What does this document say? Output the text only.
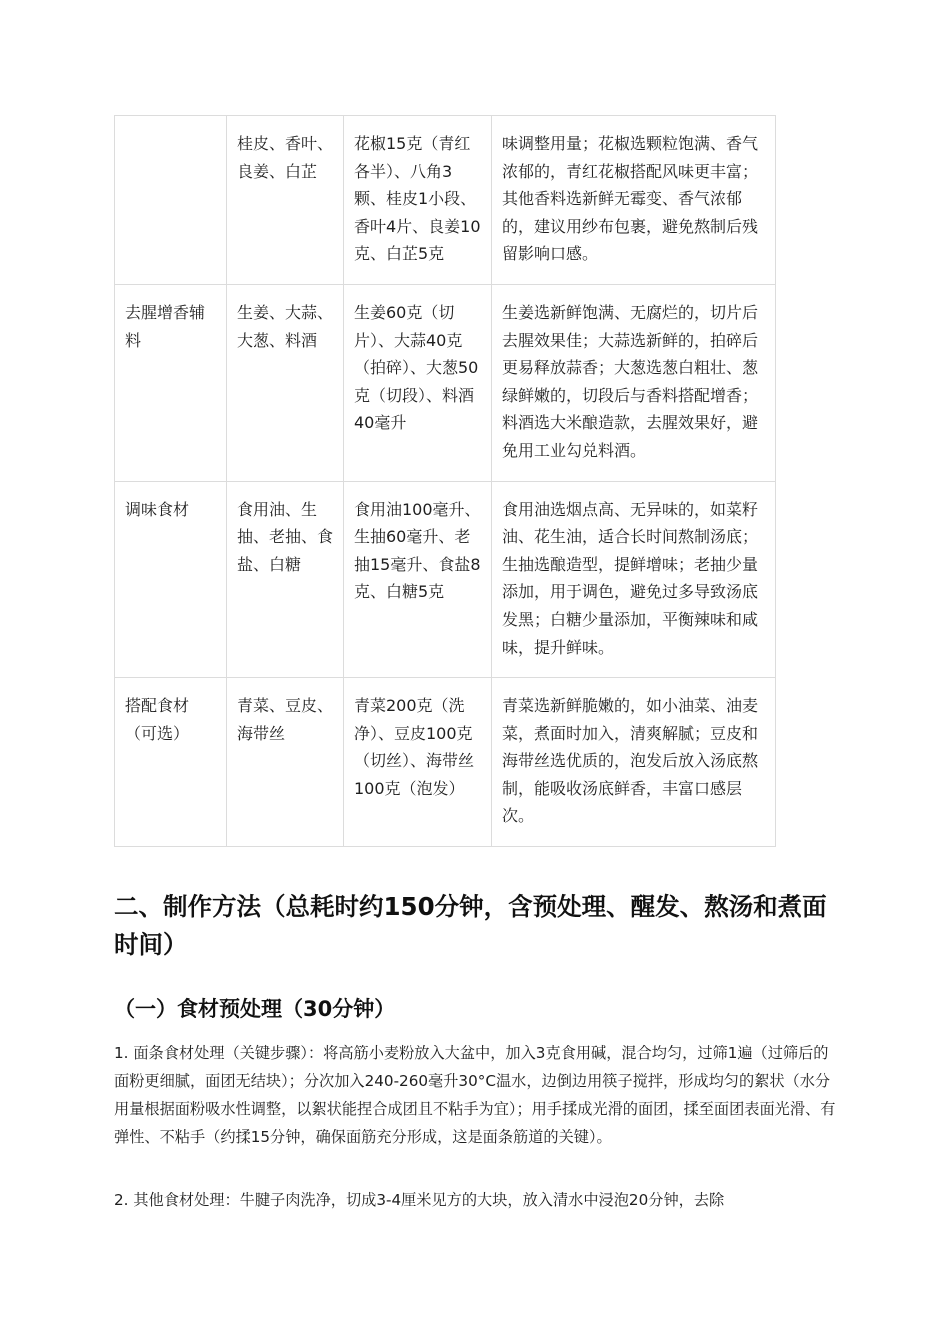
	桂皮、香叶、良姜、白芷	花椒15克（青红各半）、八角3颗、桂皮1小段、香叶4片、良姜10克、白芷5克	味调整用量；花椒选颗粒饱满、香气浓郁的，青红花椒搭配风味更丰富；其他香料选新鲜无霉变、香气浓郁的，建议用纱布包裹，避免熬制后残留影响口感。
去腥增香辅料	生姜、大蒜、大葱、料酒	生姜60克（切片）、大蒜40克（拍碎）、大葱50克（切段）、料酒40毫升	生姜选新鲜饱满、无腐烂的，切片后去腥效果佳；大蒜选新鲜的，拍碎后更易释放蒜香；大葱选葱白粗壮、葱绿鲜嫩的，切段后与香料搭配增香；料酒选大米酿造款，去腥效果好，避免用工业勾兑料酒。
调味食材	食用油、生抽、老抽、食盐、白糖	食用油100毫升、生抽60毫升、老抽15毫升、食盐8克、白糖5克	食用油选烟点高、无异味的，如菜籽油、花生油，适合长时间熬制汤底；生抽选酿造型，提鲜增味；老抽少量添加，用于调色，避免过多导致汤底发黑；白糖少量添加，平衡辣味和咸味，提升鲜味。
搭配食材（可选）	青菜、豆皮、海带丝	青菜200克（洗净）、豆皮100克（切丝）、海带丝100克（泡发）	青菜选新鲜脆嫩的，如小油菜、油麦菜，煮面时加入，清爽解腻；豆皮和海带丝选优质的，泡发后放入汤底熬制，能吸收汤底鲜香，丰富口感层次。
二、制作方法（总耗时约150分钟，含预处理、醒发、熬汤和煮面时间）
（一）食材预处理（30分钟）

1. 面条食材处理（关键步骤）：将高筋小麦粉放入大盆中，加入3克食用碱，混合均匀，过筛1遍（过筛后的面粉更细腻，面团无结块）；分次加入240-260毫升30°C温水，边倒边用筷子搅拌，形成均匀的絮状（水分用量根据面粉吸水性调整，以絮状能捏合成团且不粘手为宜）；用手揉成光滑的面团，揉至面团表面光滑、有弹性、不粘手（约揉15分钟，确保面筋充分形成，这是面条筋道的关键）。

2. 其他食材处理：牛腱子肉洗净，切成3-4厘米见方的大块，放入清水中浸泡20分钟，去除
